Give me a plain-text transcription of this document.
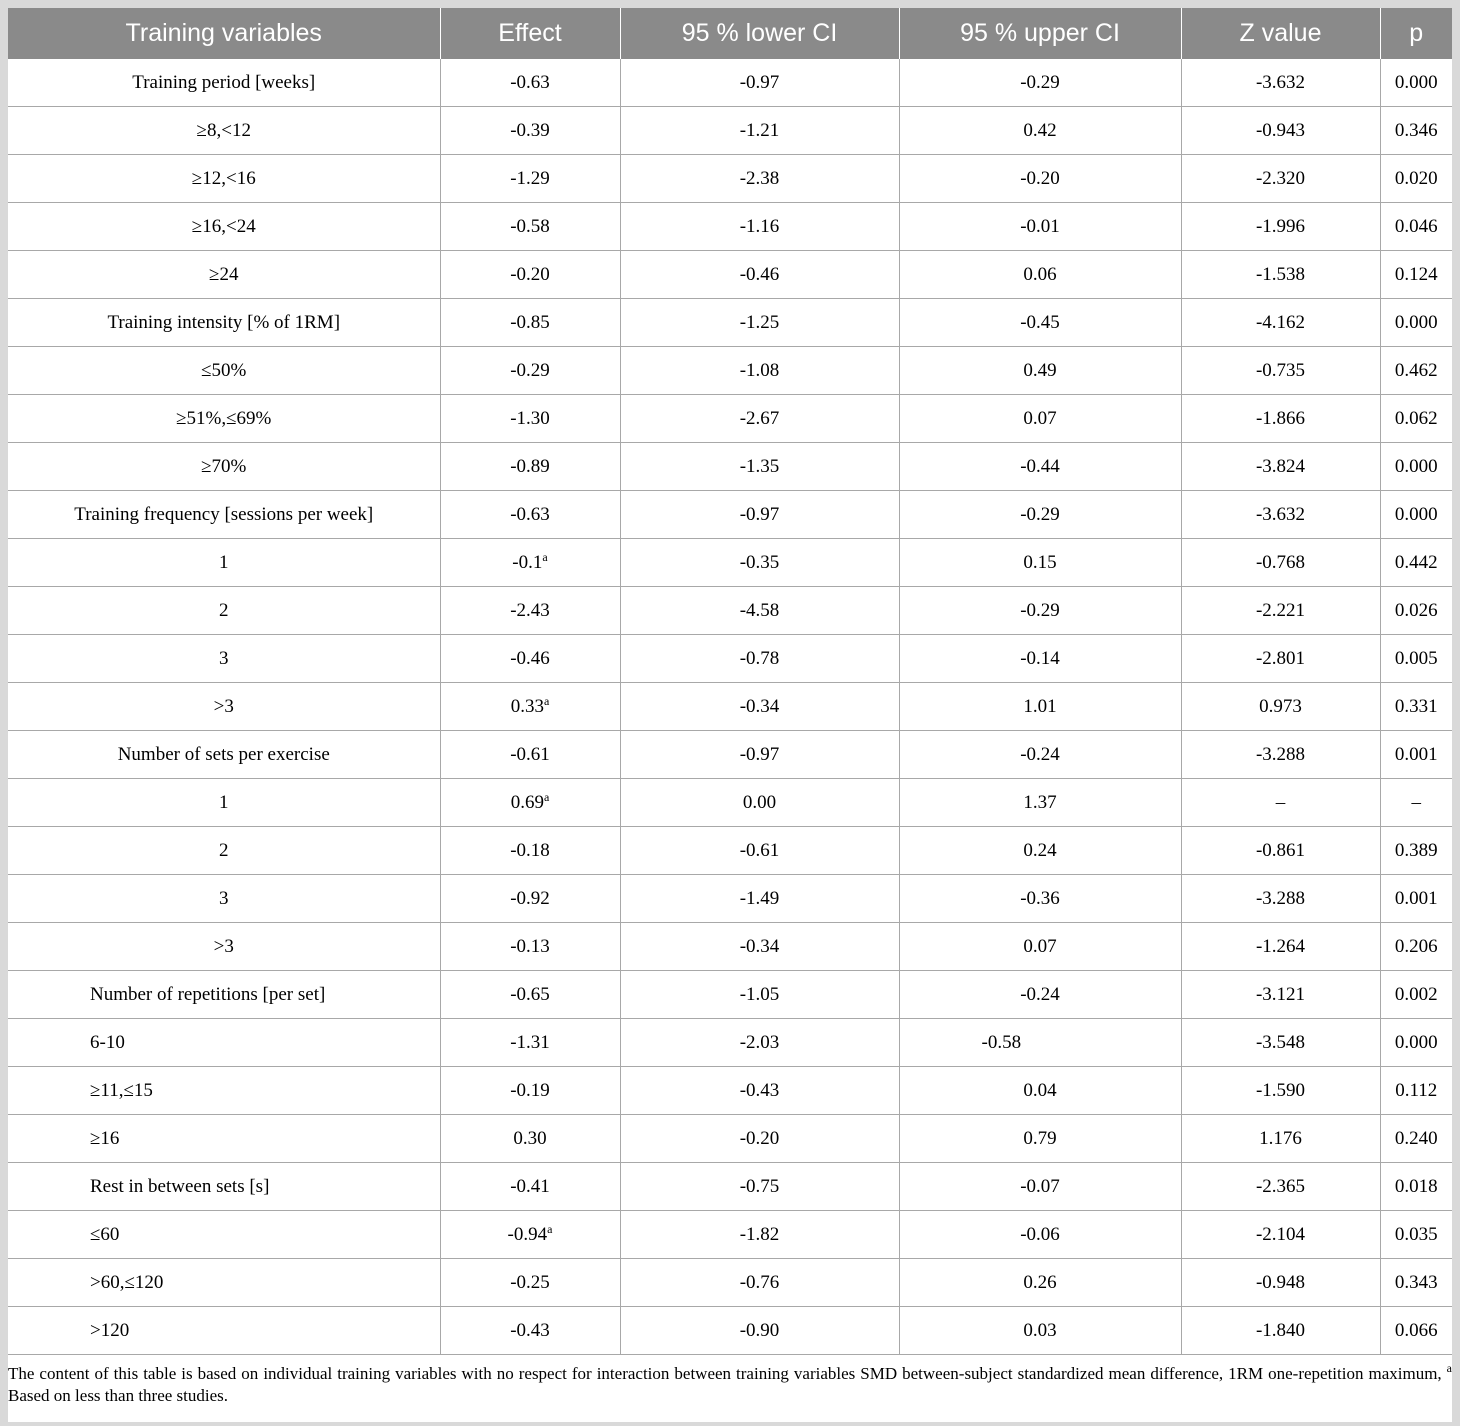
Training variables	Effect	95 % lower CI	95 % upper CI	Z value	p
Training period [weeks]	-0.63	-0.97	-0.29	-3.632	0.000
≥8,<12	-0.39	-1.21	0.42	-0.943	0.346
≥12,<16	-1.29	-2.38	-0.20	-2.320	0.020
≥16,<24	-0.58	-1.16	-0.01	-1.996	0.046
≥24	-0.20	-0.46	0.06	-1.538	0.124
Training intensity [% of 1RM]	-0.85	-1.25	-0.45	-4.162	0.000
≤50%	-0.29	-1.08	0.49	-0.735	0.462
≥51%,≤69%	-1.30	-2.67	0.07	-1.866	0.062
≥70%	-0.89	-1.35	-0.44	-3.824	0.000
Training frequency [sessions per week]	-0.63	-0.97	-0.29	-3.632	0.000
1	-0.1$^a$	-0.35	0.15	-0.768	0.442
2	-2.43	-4.58	-0.29	-2.221	0.026
3	-0.46	-0.78	-0.14	-2.801	0.005
>3	0.33$^a$	-0.34	1.01	0.973	0.331
Number of sets per exercise	-0.61	-0.97	-0.24	-3.288	0.001
1	0.69$^a$	0.00	1.37	–	–
2	-0.18	-0.61	0.24	-0.861	0.389
3	-0.92	-1.49	-0.36	-3.288	0.001
>3	-0.13	-0.34	0.07	-1.264	0.206
Number of repetitions [per set]	-0.65	-1.05	-0.24	-3.121	0.002
6-10	-1.31	-2.03	-0.58	-3.548	0.000
≥11,≤15	-0.19	-0.43	0.04	-1.590	0.112
≥16	0.30	-0.20	0.79	1.176	0.240
Rest in between sets [s]	-0.41	-0.75	-0.07	-2.365	0.018
≤60	-0.94$^a$	-1.82	-0.06	-2.104	0.035
>60,≤120	-0.25	-0.76	0.26	-0.948	0.343
>120	-0.43	-0.90	0.03	-1.840	0.066
The content of this table is based on individual training variables with no respect for interaction between training variables SMD between-subject standardized mean difference, 1RM one-repetition maximum, $^a$ Based on less than three studies.
